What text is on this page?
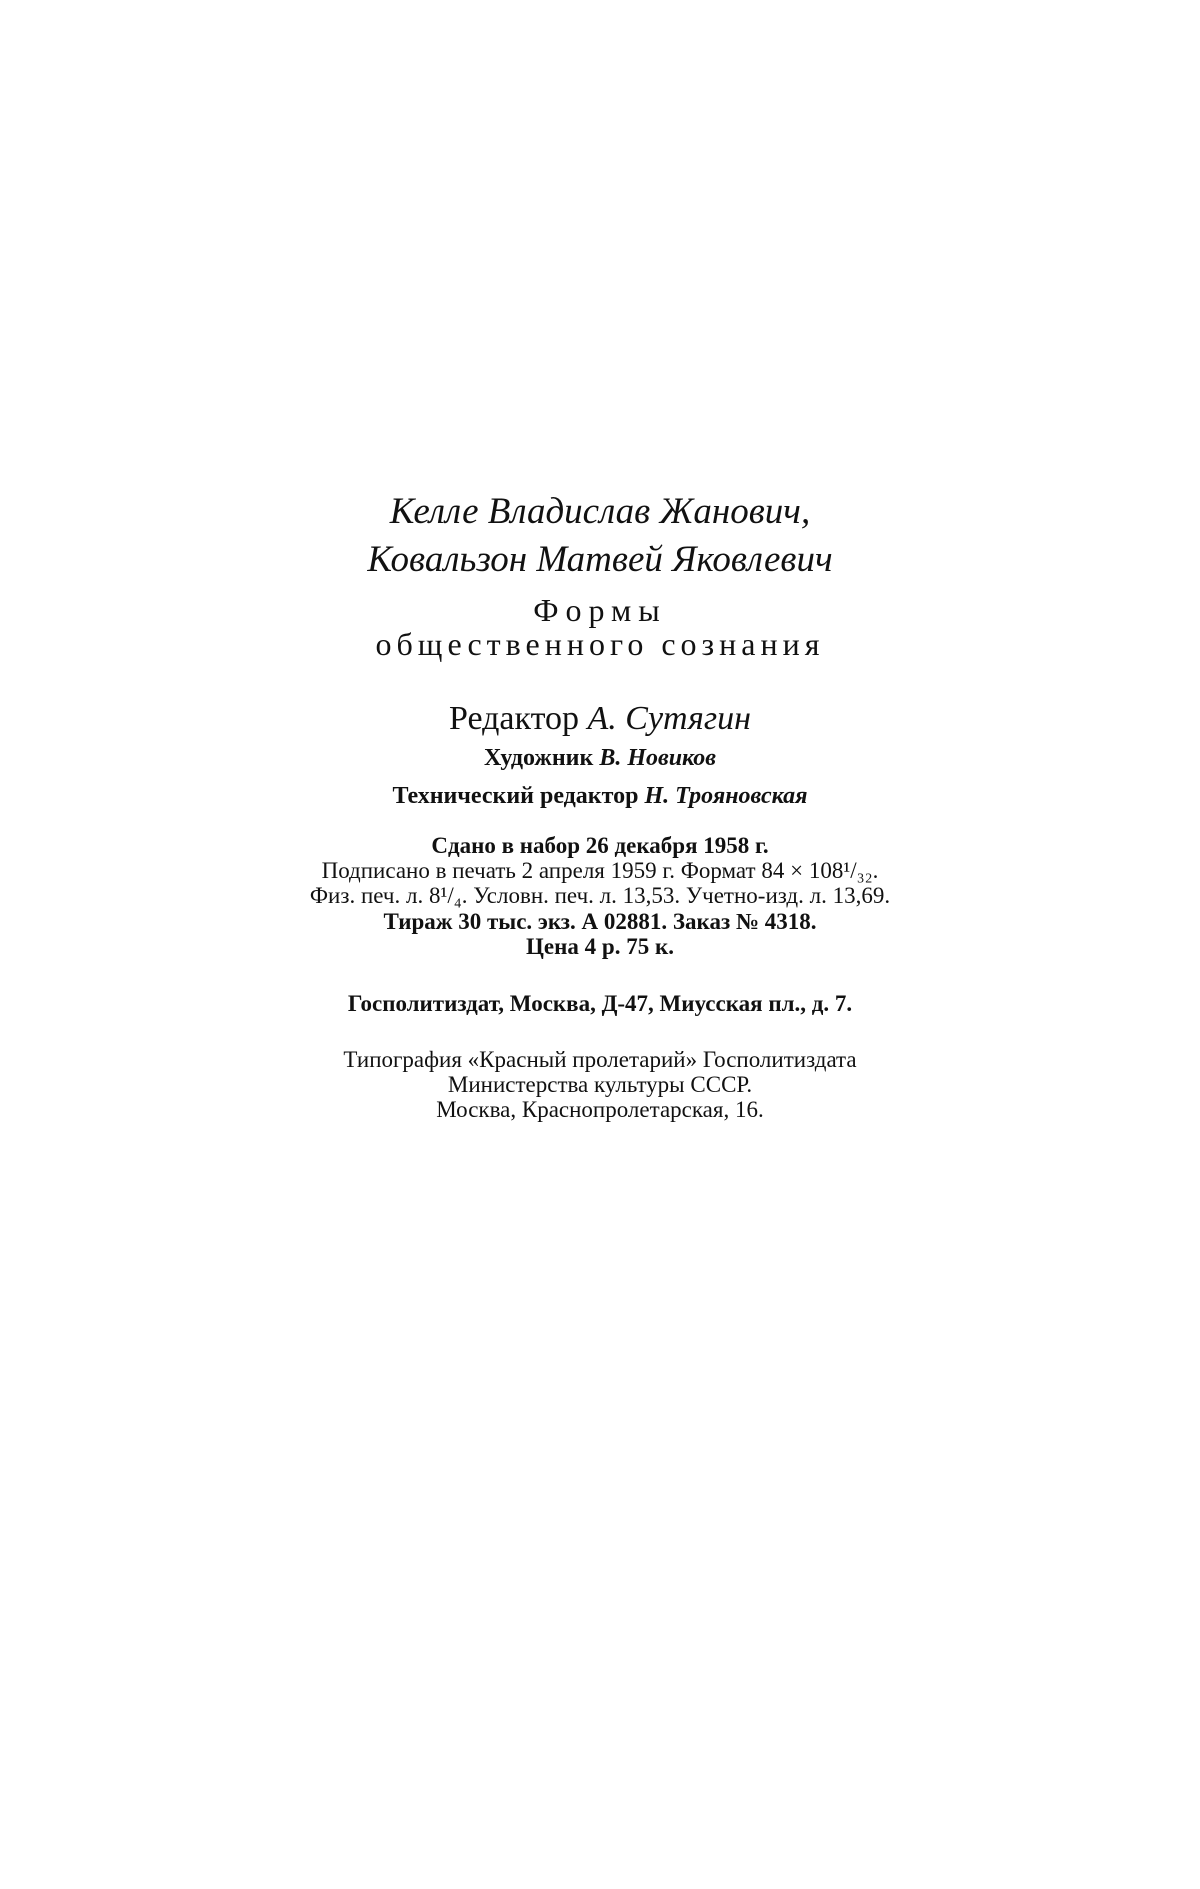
Келле Владислав Жанович,
Ковальзон Матвей Яковлевич
Формы
общественного сознания
Редактор А. Сутягин
Художник В. Новиков
Технический редактор Н. Трояновская
Сдано в набор 26 декабря 1958 г.
Подписано в печать 2 апреля 1959 г. Формат 84 × 108¹/₃₂.
Физ. печ. л. 8¹/₄. Условн. печ. л. 13,53. Учетно-изд. л. 13,69.
Тираж 30 тыс. экз. А 02881. Заказ № 4318.
Цена 4 р. 75 к.
Госполитиздат, Москва, Д-47, Миусская пл., д. 7.
Типография «Красный пролетарий» Госполитиздата
Министерства культуры СССР.
Москва, Краснопролетарская, 16.
